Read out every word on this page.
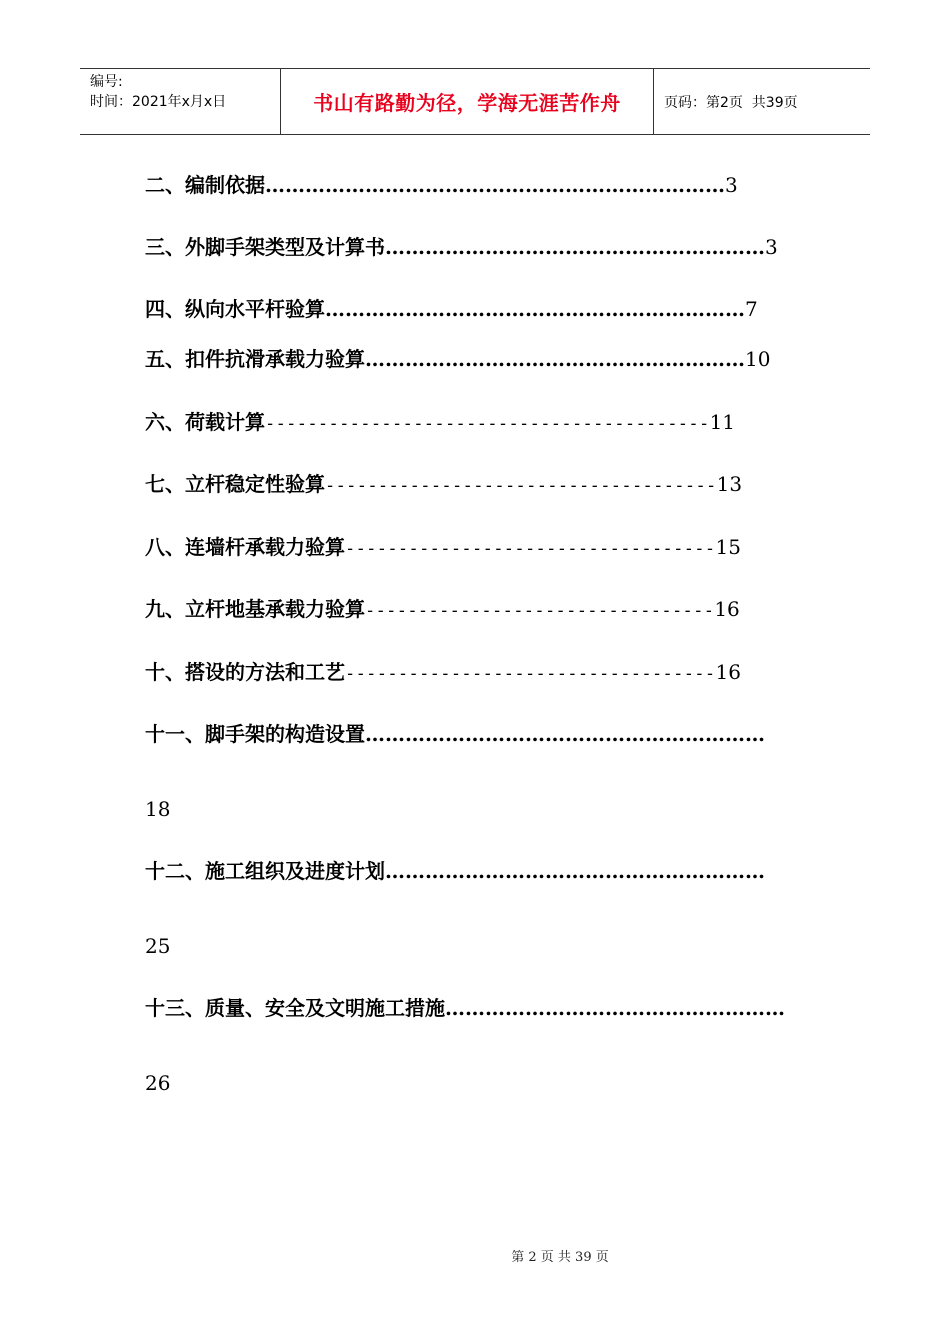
编号:
时间：2021年x月x日	书山有路勤为径，学海无涯苦作舟	页码：第2页  共39页
二、编制依据……………………………………………………………3
三、外脚手架类型及计算书…………………………………………………3
四、纵向水平杆验算………………………………………………………7
五、扣件抗滑承载力验算…………………………………………………10
六、荷载计算------------------------------------------11
七、立杆稳定性验算-------------------------------------13
八、连墙杆承载力验算-----------------------------------15
九、立杆地基承载力验算---------------------------------16
十、搭设的方法和工艺-----------------------------------16
十一、脚手架的构造设置……………………………………………………
18
十二、施工组织及进度计划…………………………………………………
25
十三、质量、安全及文明施工措施……………………………………………
26
第 2 页 共 39 页
